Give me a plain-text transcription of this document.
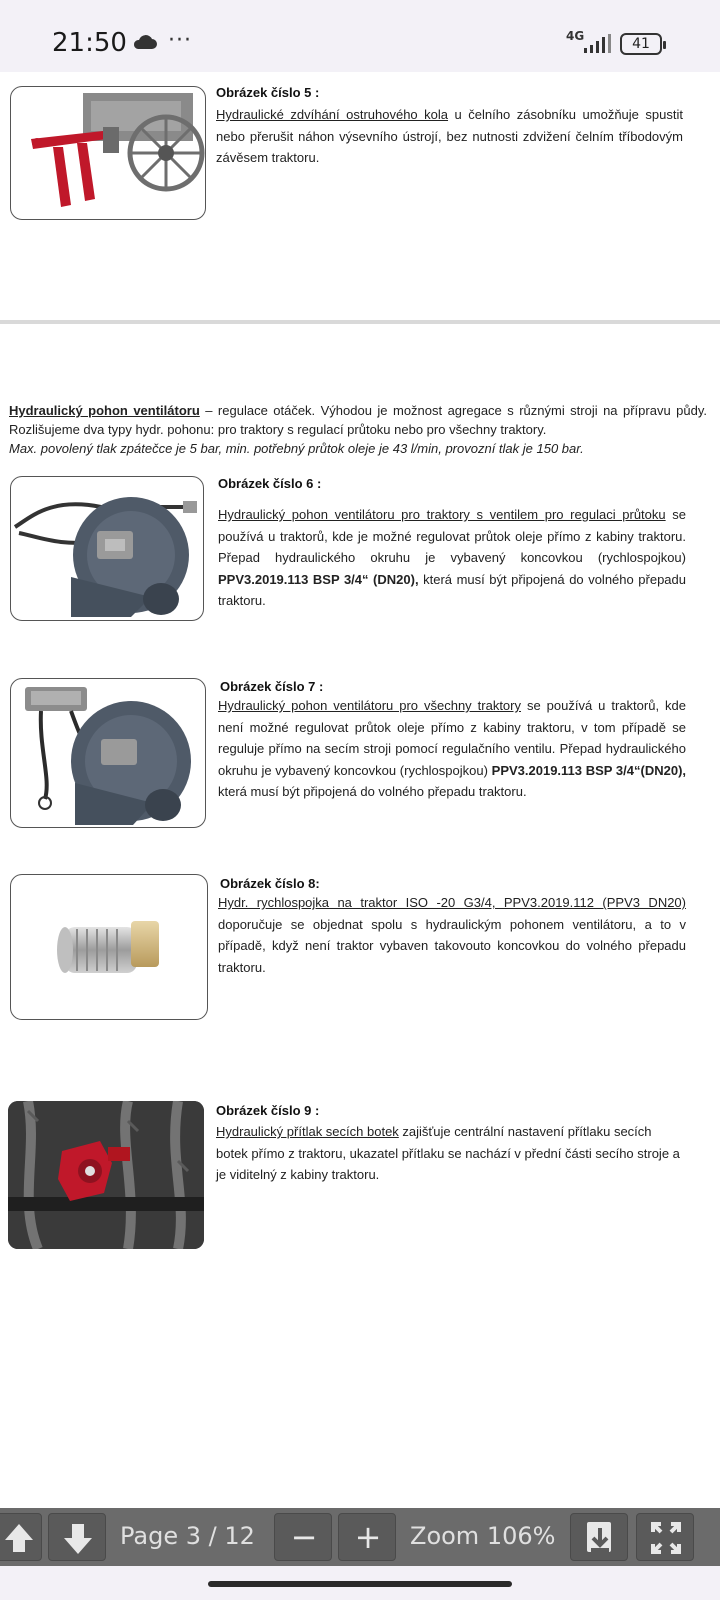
21:50 ···	4G	41
Obrázek číslo 5 :
Hydraulické zdvíhání ostruhového kola u čelního zásobníku umožňuje spustit nebo přerušit náhon výsevního ústrojí, bez nutnosti zdvižení čelním tříbodovým závěsem traktoru.
Hydraulický pohon ventilátoru – regulace otáček. Výhodou je možnost agregace s různými stroji na přípravu půdy. Rozlišujeme dva typy hydr. pohonu: pro traktory s regulací průtoku nebo pro všechny traktory.
Max. povolený tlak zpátečce je 5 bar, min. potřebný průtok oleje je 43 l/min, provozní tlak je 150 bar.
Obrázek číslo 6 :
Hydraulický pohon ventilátoru pro traktory s ventilem pro regulaci průtoku se používá u traktorů, kde je možné regulovat průtok oleje přímo z kabiny traktoru. Přepad hydraulického okruhu je vybavený koncovkou (rychlospojkou) PPV3.2019.113 BSP 3/4“ (DN20), která musí být připojená do volného přepadu traktoru.
Obrázek číslo 7 :
Hydraulický pohon ventilátoru pro všechny traktory se používá u traktorů, kde není možné regulovat průtok oleje přímo z kabiny traktoru, v tom případě se reguluje přímo na secím stroji pomocí regulačního ventilu. Přepad hydraulického okruhu je vybavený koncovkou (rychlospojkou) PPV3.2019.113 BSP 3/4“(DN20), která musí být připojená do volného přepadu traktoru.
Obrázek číslo 8:
Hydr. rychlospojka na traktor ISO -20 G3/4, PPV3.2019.112 (PPV3 DN20) doporučuje se objednat spolu s hydraulickým pohonem ventilátoru, a to v případě, když není traktor vybaven takovouto koncovkou do volného přepadu traktoru.
Obrázek číslo 9 :
Hydraulický přítlak secích botek zajišťuje centrální nastavení přítlaku secích botek přímo z traktoru, ukazatel přítlaku se nachází v přední části secího stroje a je viditelný z kabiny traktoru.
Page 3 / 12	−	+	Zoom 106%
